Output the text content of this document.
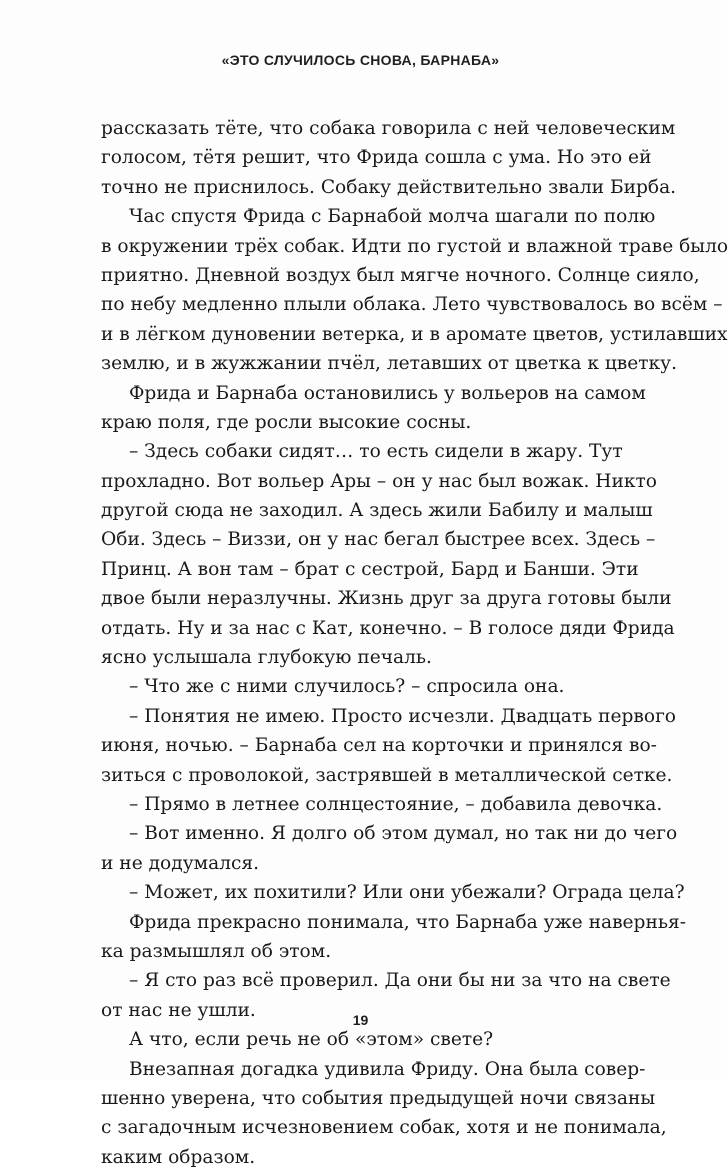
«ЭТО СЛУЧИЛОСЬ СНОВА, БАРНАБА»
рассказать тёте, что собака говорила с ней человеческим
голосом, тётя решит, что Фрида сошла с ума. Но это ей
точно не приснилось. Собаку действительно звали Бирба.
Час спустя Фрида с Барнабой молча шагали по полю
в окружении трёх собак. Идти по густой и влажной траве было
приятно. Дневной воздух был мягче ночного. Солнце сияло,
по небу медленно плыли облака. Лето чувствовалось во всём –
и в лёгком дуновении ветерка, и в аромате цветов, устилавших
землю, и в жужжании пчёл, летавших от цветка к цветку.
Фрида и Барнаба остановились у вольеров на самом
краю поля, где росли высокие сосны.
– Здесь собаки сидят… то есть сидели в жару. Тут
прохладно. Вот вольер Ары – он у нас был вожак. Никто
другой сюда не заходил. А здесь жили Бабилу и малыш
Оби. Здесь – Виззи, он у нас бегал быстрее всех. Здесь –
Принц. А вон там – брат с сестрой, Бард и Банши. Эти
двое были неразлучны. Жизнь друг за друга готовы были
отдать. Ну и за нас с Кат, конечно. – В голосе дяди Фрида
ясно услышала глубокую печаль.
– Что же с ними случилось? – спросила она.
– Понятия не имею. Просто исчезли. Двадцать первого
июня, ночью. – Барнаба сел на корточки и принялся во-
зиться с проволокой, застрявшей в металлической сетке.
– Прямо в летнее солнцестояние, – добавила девочка.
– Вот именно. Я долго об этом думал, но так ни до чего
и не додумался.
– Может, их похитили? Или они убежали? Ограда цела?
Фрида прекрасно понимала, что Барнаба уже навернья-
ка размышлял об этом.
– Я сто раз всё проверил. Да они бы ни за что на свете
от нас не ушли.
А что, если речь не об «этом» свете?
Внезапная догадка удивила Фриду. Она была совер-
шенно уверена, что события предыдущей ночи связаны
с загадочным исчезновением собак, хотя и не понимала,
каким образом.
19
